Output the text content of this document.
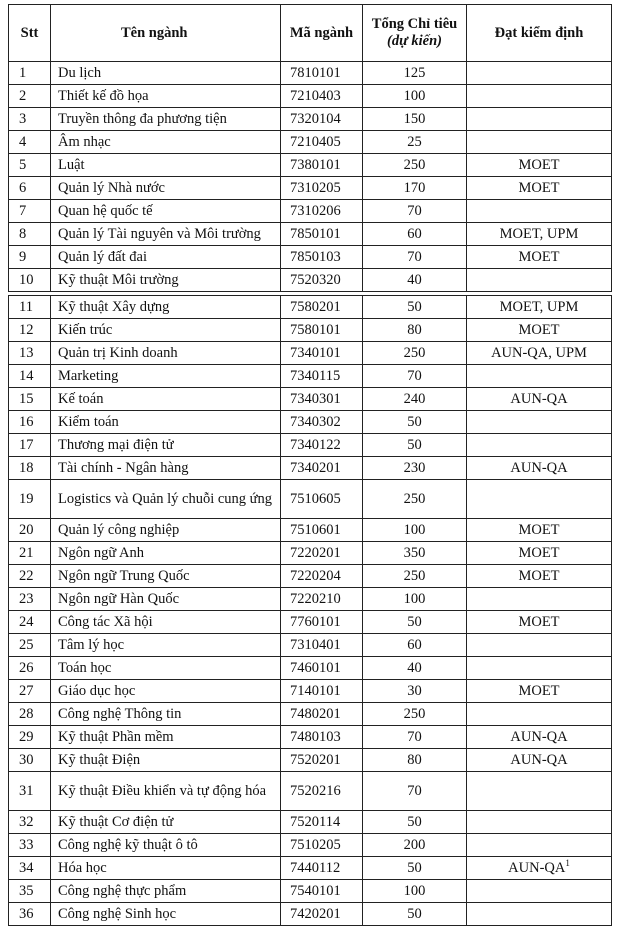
Stt	Tên ngành	Mã ngành	Tổng Chỉ tiêu (dự kiến)	Đạt kiểm định
1	Du lịch	7810101	125	
2	Thiết kế đồ họa	7210403	100	
3	Truyền thông đa phương tiện	7320104	150	
4	Âm nhạc	7210405	25	
5	Luật	7380101	250	MOET
6	Quản lý Nhà nước	7310205	170	MOET
7	Quan hệ quốc tế	7310206	70	
8	Quản lý Tài nguyên và Môi trường	7850101	60	MOET, UPM
9	Quản lý đất đai	7850103	70	MOET
10	Kỹ thuật Môi trường	7520320	40	

11	Kỹ thuật Xây dựng	7580201	50	MOET, UPM
12	Kiến trúc	7580101	80	MOET
13	Quản trị Kinh doanh	7340101	250	AUN-QA, UPM
14	Marketing	7340115	70	
15	Kế toán	7340301	240	AUN-QA
16	Kiểm toán	7340302	50	
17	Thương mại điện tử	7340122	50	
18	Tài chính - Ngân hàng	7340201	230	AUN-QA
19	Logistics và Quản lý chuỗi cung ứng	7510605	250	
20	Quản lý công nghiệp	7510601	100	MOET
21	Ngôn ngữ Anh	7220201	350	MOET
22	Ngôn ngữ Trung Quốc	7220204	250	MOET
23	Ngôn ngữ Hàn Quốc	7220210	100	
24	Công tác Xã hội	7760101	50	MOET
25	Tâm lý học	7310401	60	
26	Toán học	7460101	40	
27	Giáo dục học	7140101	30	MOET
28	Công nghệ Thông tin	7480201	250	
29	Kỹ thuật Phần mềm	7480103	70	AUN-QA
30	Kỹ thuật Điện	7520201	80	AUN-QA
31	Kỹ thuật Điều khiển và tự động hóa	7520216	70	
32	Kỹ thuật Cơ điện tử	7520114	50	
33	Công nghệ kỹ thuật ô tô	7510205	200	
34	Hóa học	7440112	50	AUN-$QA^1$
35	Công nghệ thực phẩm	7540101	100	
36	Công nghệ Sinh học	7420201	50	
